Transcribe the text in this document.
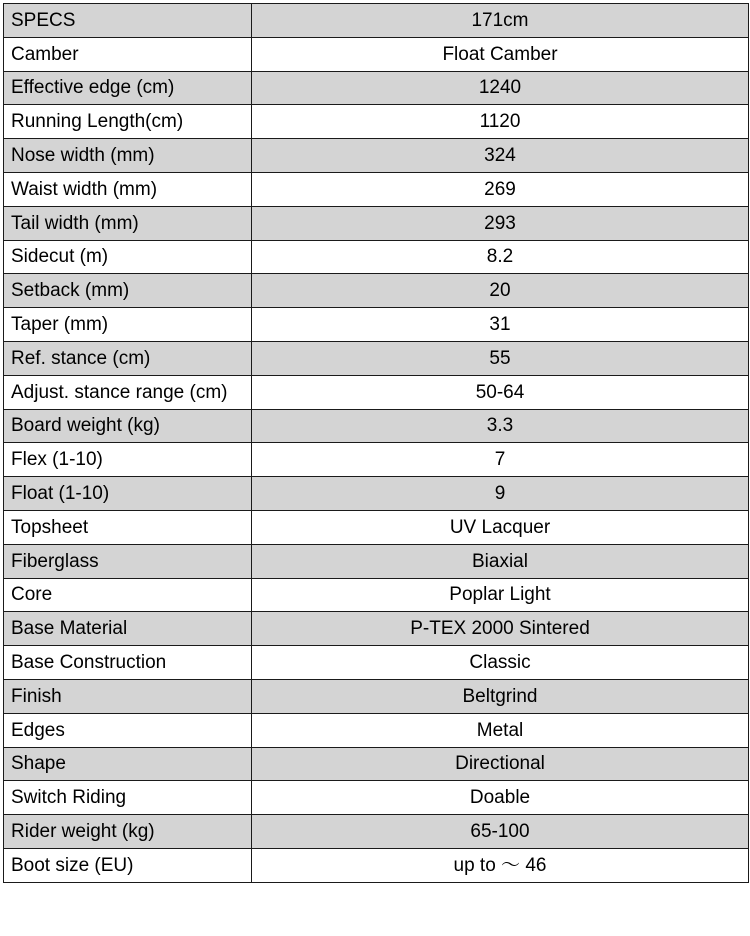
SPECS	171cm
Camber	Float Camber
Effective edge (cm)	1240
Running Length(cm)	1120
Nose width (mm)	324
Waist width (mm)	269
Tail width (mm)	293
Sidecut (m)	8.2
Setback (mm)	20
Taper (mm)	31
Ref. stance (cm)	55
Adjust. stance range (cm)	50-64
Board weight (kg)	3.3
Flex (1-10)	7
Float (1-10)	9
Topsheet	UV Lacquer
Fiberglass	Biaxial
Core	Poplar Light
Base Material	P-TEX 2000 Sintered
Base Construction	Classic
Finish	Beltgrind
Edges	Metal
Shape	Directional
Switch Riding	Doable
Rider weight (kg)	65-100
Boot size (EU)	up to ～ 46
